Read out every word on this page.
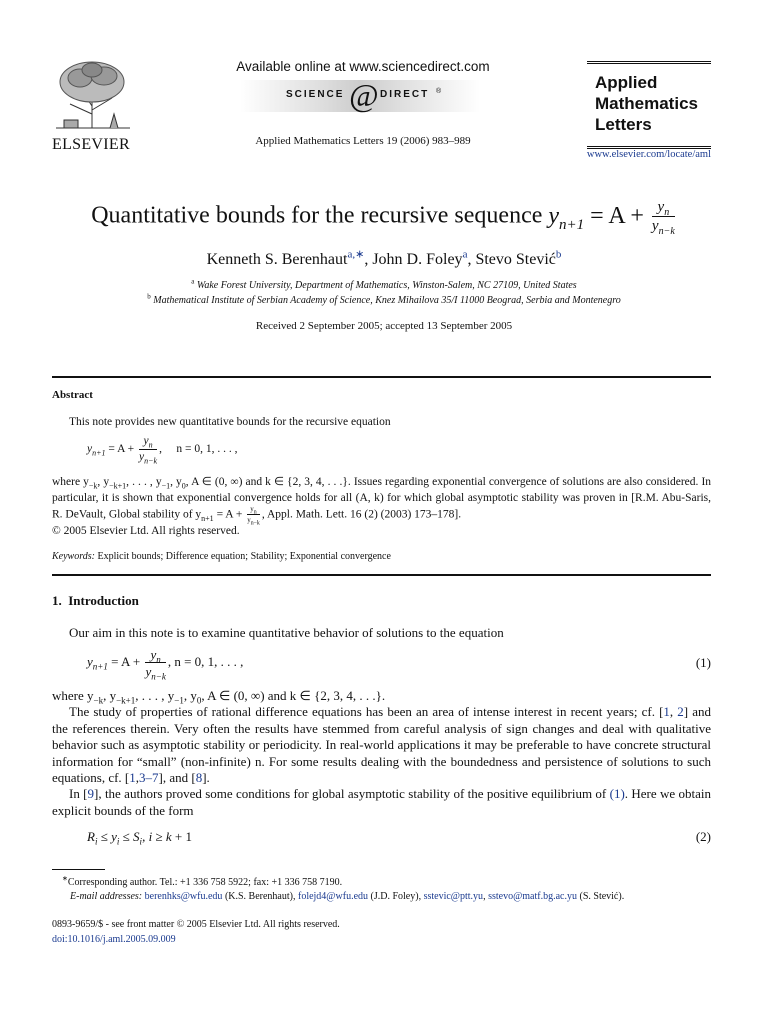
ELSEVIER
Available online at www.sciencedirect.com
SCIENCE @ DIRECT ®
Applied Mathematics Letters 19 (2006) 983–989
Applied
Mathematics
Letters
www.elsevier.com/locate/aml
Quantitative bounds for the recursive sequence $y_{n+1} = A + \frac{y_n}{y_{n-k}}$
Kenneth S. Berenhaut$^{a,∗}$, John D. Foley$^a$, Stevo Stević$^b$
$^a$ Wake Forest University, Department of Mathematics, Winston-Salem, NC 27109, United States
$^b$ Mathematical Institute of Serbian Academy of Science, Knez Mihailova 35/I 11000 Beograd, Serbia and Montenegro
Received 2 September 2005; accepted 13 September 2005
Abstract
This note provides new quantitative bounds for the recursive equation
$y_{n+1} = A + \frac{y_n}{y_{n-k}}$ ,     n = 0, 1, . . . ,

where $y_{-k}$, $y_{-k+1}$, . . . , $y_{-1}$, $y_0$, A ∈ (0, ∞) and k ∈ {2, 3, 4, . . .}. Issues regarding exponential convergence of solutions are also considered. In particular, it is shown that exponential convergence holds for all (A, k) for which global asymptotic stability was proven in [R.M. Abu-Saris, R. DeVault, Global stability of $y_{n+1} = A + \frac{y_n}{y_{n-k}}$ , Appl. Math. Lett. 16 (2) (2003) 173–178].
© 2005 Elsevier Ltd. All rights reserved.

Keywords: Explicit bounds; Difference equation; Stability; Exponential convergence
1.  Introduction
Our aim in this note is to examine quantitative behavior of solutions to the equation
$y_{n+1} = A + \frac{y_n}{y_{n-k}}$ , n = 0, 1, . . . ,	(1)

where $y_{-k}$, $y_{-k+1}$, . . . , $y_{-1}$, $y_0$, A ∈ (0, ∞) and k ∈ {2, 3, 4, . . .}.

The study of properties of rational difference equations has been an area of intense interest in recent years; cf. [1, 2] and the references therein. Very often the results have stemmed from careful analysis of sign changes and deal with qualitative behavior such as asymptotic stability or periodicity. In real-world applications it may be preferable to have concrete structural information for “small” (non-infinite) n. For some results dealing with the boundedness and persistence of solutions to such equations, cf. [1,3–7], and [8].

In [9], the authors proved some conditions for global asymptotic stability of the positive equilibrium of (1). Here we obtain explicit bounds of the form

$R_i \le y_i \le S_i$, i ≥ k + 1	(2)
∗Corresponding author. Tel.: +1 336 758 5922; fax: +1 336 758 7190.
E-mail addresses: berenhks@wfu.edu (K.S. Berenhaut), folejd4@wfu.edu (J.D. Foley), sstevic@ptt.yu, sstevo@matf.bg.ac.yu (S. Stević).
0893-9659/$ - see front matter © 2005 Elsevier Ltd. All rights reserved.
doi:10.1016/j.aml.2005.09.009
